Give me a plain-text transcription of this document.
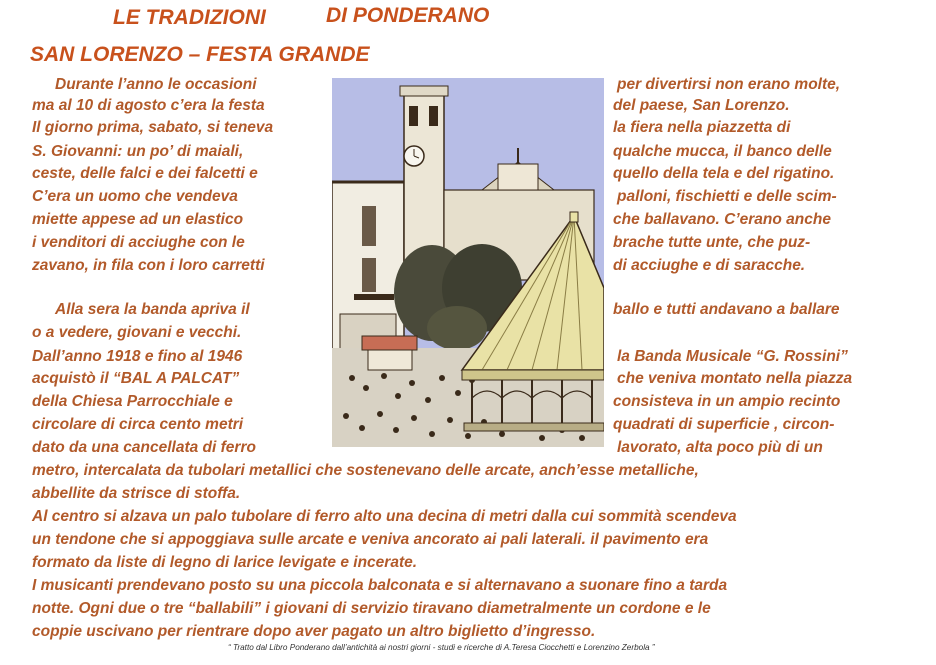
LE TRADIZIONI	DI PONDERANO
SAN LORENZO – FESTA GRANDE
Durante l’anno le occasioni
ma al 10 di agosto c’era la festa
Il giorno prima, sabato, si teneva
S. Giovanni: un po’ di maiali,
ceste, delle falci e dei falcetti e
C’era un uomo che vendeva
miette appese ad un elastico
i venditori di acciughe con le
zavano, in fila con i loro carretti
Alla sera la banda apriva il
o a vedere, giovani e vecchi.
Dall’anno 1918 e fino al 1946
acquistò il “BAL A PALCAT”
della Chiesa Parrocchiale e
circolare di circa cento metri
dato da una cancellata di ferro
per divertirsi non erano molte,
del paese, San Lorenzo.
la fiera nella piazzetta di
qualche mucca, il banco delle
quello della tela e del rigatino.
palloni, fischietti e delle scim-
che ballavano. C’erano anche
brache tutte unte, che puz-
di acciughe e di saracche.
ballo e tutti andavano a ballare
la Banda Musicale “G. Rossini”
che veniva montato nella piazza
consisteva in un ampio recinto
quadrati di superficie , circon-
lavorato, alta poco più di un
metro, intercalata da tubolari metallici che sostenevano delle arcate, anch’esse metalliche,
abbellite da strisce di stoffa.
Al centro si alzava un palo tubolare di ferro alto una decina di metri dalla cui sommità scendeva
un tendone che si appoggiava sulle arcate e veniva ancorato ai pali laterali. il pavimento era
formato da liste di legno di larice levigate e incerate.
I musicanti prendevano posto su una piccola balconata e si alternavano a suonare fino a tarda
notte. Ogni due o tre “ballabili” i giovani di servizio tiravano diametralmente un cordone e le
coppie uscivano per rientrare dopo aver pagato un altro biglietto d’ingresso.
“ Tratto dal Libro Ponderano dall’antichità ai nostri giorni - studi e ricerche di A.Teresa Ciocchetti e Lorenzino Zerbola ”
